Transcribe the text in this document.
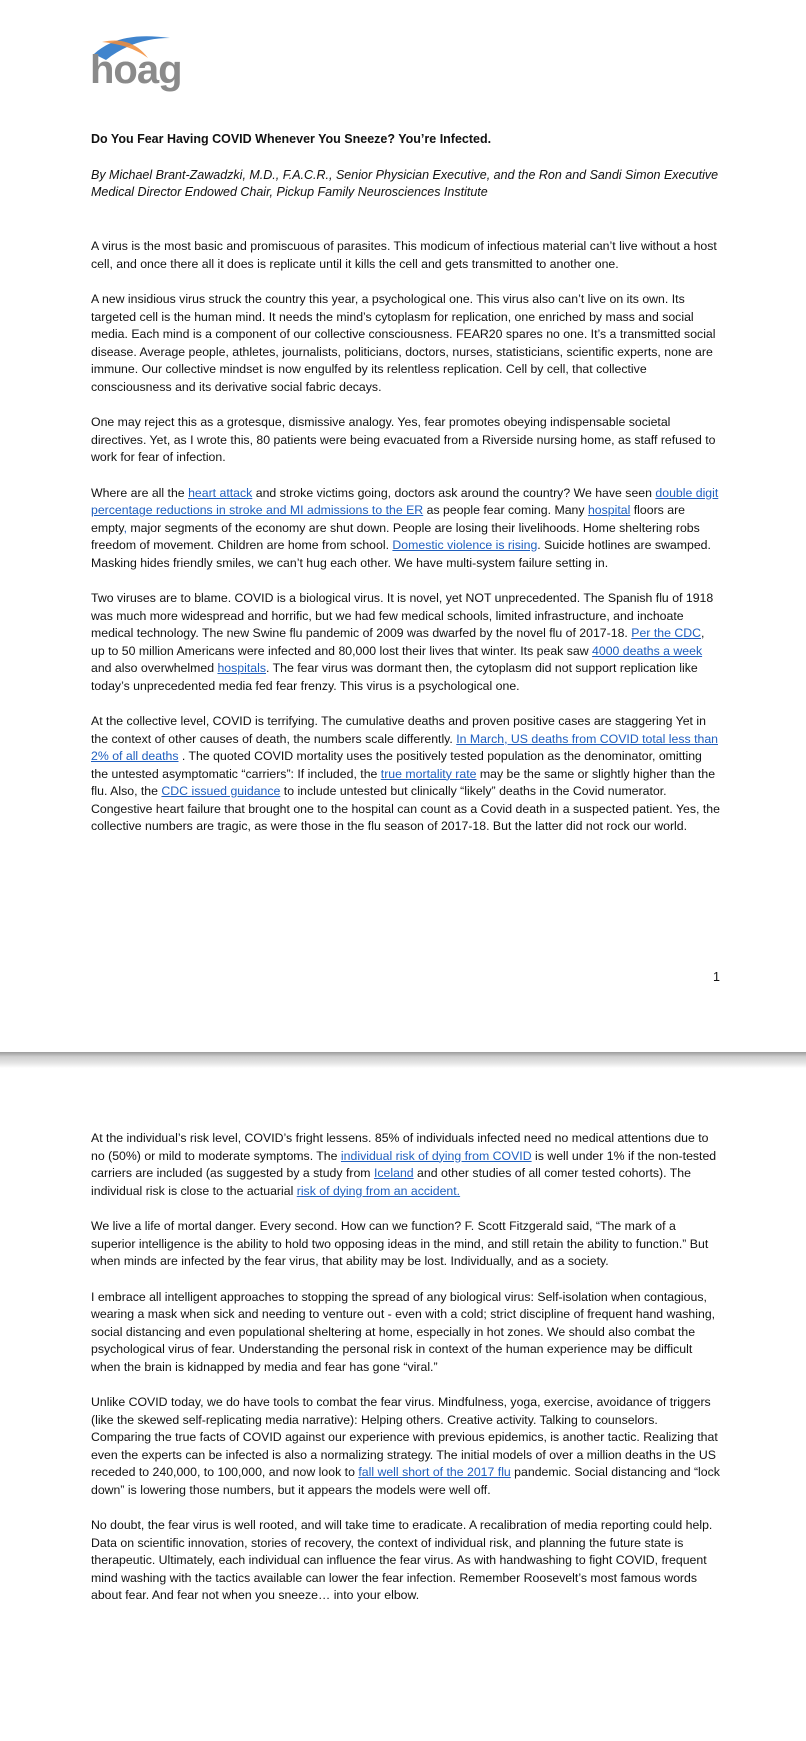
hoag
Do You Fear Having COVID Whenever You Sneeze? You’re Infected.

By Michael Brant-Zawadzki, M.D., F.A.C.R., Senior Physician Executive, and the Ron and Sandi Simon Executive Medical Director Endowed Chair, Pickup Family Neurosciences Institute

A virus is the most basic and promiscuous of parasites. This modicum of infectious material can’t live without a host cell, and once there all it does is replicate until it kills the cell and gets transmitted to another one.

A new insidious virus struck the country this year, a psychological one. This virus also can’t live on its own. Its targeted cell is the human mind. It needs the mind’s cytoplasm for replication, one enriched by mass and social media. Each mind is a component of our collective consciousness. FEAR20 spares no one. It’s a transmitted social disease. Average people, athletes, journalists, politicians, doctors, nurses, statisticians, scientific experts, none are immune. Our collective mindset is now engulfed by its relentless replication. Cell by cell, that collective consciousness and its derivative social fabric decays.

One may reject this as a grotesque, dismissive analogy. Yes, fear promotes obeying indispensable societal directives. Yet, as I wrote this, 80 patients were being evacuated from a Riverside nursing home, as staff refused to work for fear of infection.

Where are all the heart attack and stroke victims going, doctors ask around the country? We have seen double digit percentage reductions in stroke and MI admissions to the ER as people fear coming. Many hospital floors are empty, major segments of the economy are shut down. People are losing their livelihoods. Home sheltering robs freedom of movement. Children are home from school. Domestic violence is rising. Suicide hotlines are swamped. Masking hides friendly smiles, we can’t hug each other. We have multi-system failure setting in.

Two viruses are to blame. COVID is a biological virus. It is novel, yet NOT unprecedented. The Spanish flu of 1918 was much more widespread and horrific, but we had few medical schools, limited infrastructure, and inchoate medical technology. The new Swine flu pandemic of 2009 was dwarfed by the novel flu of 2017-18. Per the CDC, up to 50 million Americans were infected and 80,000 lost their lives that winter. Its peak saw 4000 deaths a week and also overwhelmed hospitals. The fear virus was dormant then, the cytoplasm did not support replication like today’s unprecedented media fed fear frenzy. This virus is a psychological one.

At the collective level, COVID is terrifying. The cumulative deaths and proven positive cases are staggering Yet in the context of other causes of death, the numbers scale differently. In March, US deaths from COVID total less than 2% of all deaths . The quoted COVID mortality uses the positively tested population as the denominator, omitting the untested asymptomatic “carriers”: If included, the true mortality rate may be the same or slightly higher than the flu. Also, the CDC issued guidance to include untested but clinically “likely” deaths in the Covid numerator. Congestive heart failure that brought one to the hospital can count as a Covid death in a suspected patient. Yes, the collective numbers are tragic, as were those in the flu season of 2017-18. But the latter did not rock our world.

1

At the individual’s risk level, COVID’s fright lessens. 85% of individuals infected need no medical attentions due to no (50%) or mild to moderate symptoms. The individual risk of dying from COVID is well under 1% if the non-tested carriers are included (as suggested by a study from Iceland and other studies of all comer tested cohorts). The individual risk is close to the actuarial risk of dying from an accident.

We live a life of mortal danger. Every second. How can we function? F. Scott Fitzgerald said, “The mark of a superior intelligence is the ability to hold two opposing ideas in the mind, and still retain the ability to function.” But when minds are infected by the fear virus, that ability may be lost. Individually, and as a society.

I embrace all intelligent approaches to stopping the spread of any biological virus: Self-isolation when contagious, wearing a mask when sick and needing to venture out - even with a cold; strict discipline of frequent hand washing, social distancing and even populational sheltering at home, especially in hot zones. We should also combat the psychological virus of fear. Understanding the personal risk in context of the human experience may be difficult when the brain is kidnapped by media and fear has gone “viral.”

Unlike COVID today, we do have tools to combat the fear virus. Mindfulness, yoga, exercise, avoidance of triggers (like the skewed self-replicating media narrative): Helping others. Creative activity. Talking to counselors. Comparing the true facts of COVID against our experience with previous epidemics, is another tactic. Realizing that even the experts can be infected is also a normalizing strategy. The initial models of over a million deaths in the US receded to 240,000, to 100,000, and now look to fall well short of the 2017 flu pandemic. Social distancing and “lock down” is lowering those numbers, but it appears the models were well off.

No doubt, the fear virus is well rooted, and will take time to eradicate. A recalibration of media reporting could help. Data on scientific innovation, stories of recovery, the context of individual risk, and planning the future state is therapeutic. Ultimately, each individual can influence the fear virus. As with handwashing to fight COVID, frequent mind washing with the tactics available can lower the fear infection. Remember Roosevelt’s most famous words about fear. And fear not when you sneeze… into your elbow.
